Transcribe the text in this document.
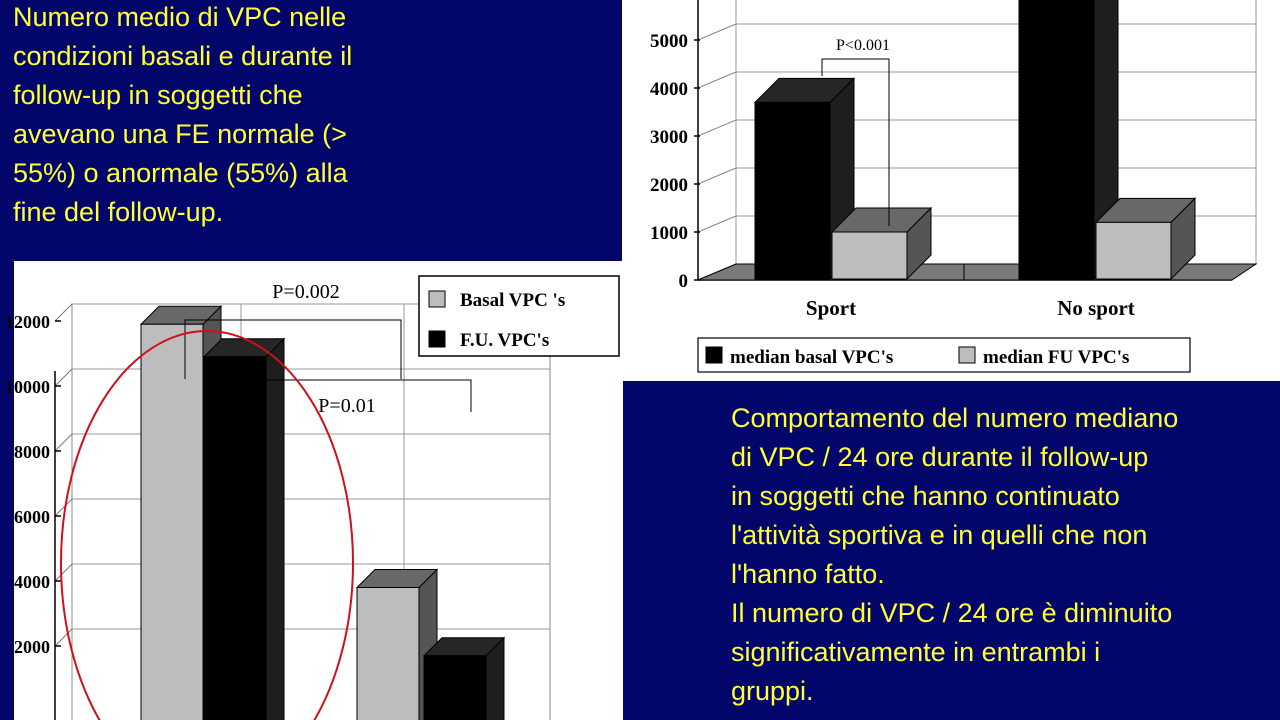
Numero medio di VPC nelle
condizioni basali e durante il
follow-up in soggetti che
avevano una FE normale (>
55%) o anormale (55%) alla
fine del follow-up.

Comportamento del numero mediano
di VPC / 24 ore durante il follow-up
in soggetti che hanno continuato
l'attività sportiva e in quelli che non
l'hanno fatto.
Il numero di VPC / 24 ore è diminuito
significativamente in entrambi i
gruppi.

2000
4000
6000
8000
10000
12000
P=0.002
P=0.01
Basal VPC 's
F.U. VPC's
0
1000
2000
3000
4000
5000
Sport	No sport
P<0.001
median basal VPC's	median FU VPC's
